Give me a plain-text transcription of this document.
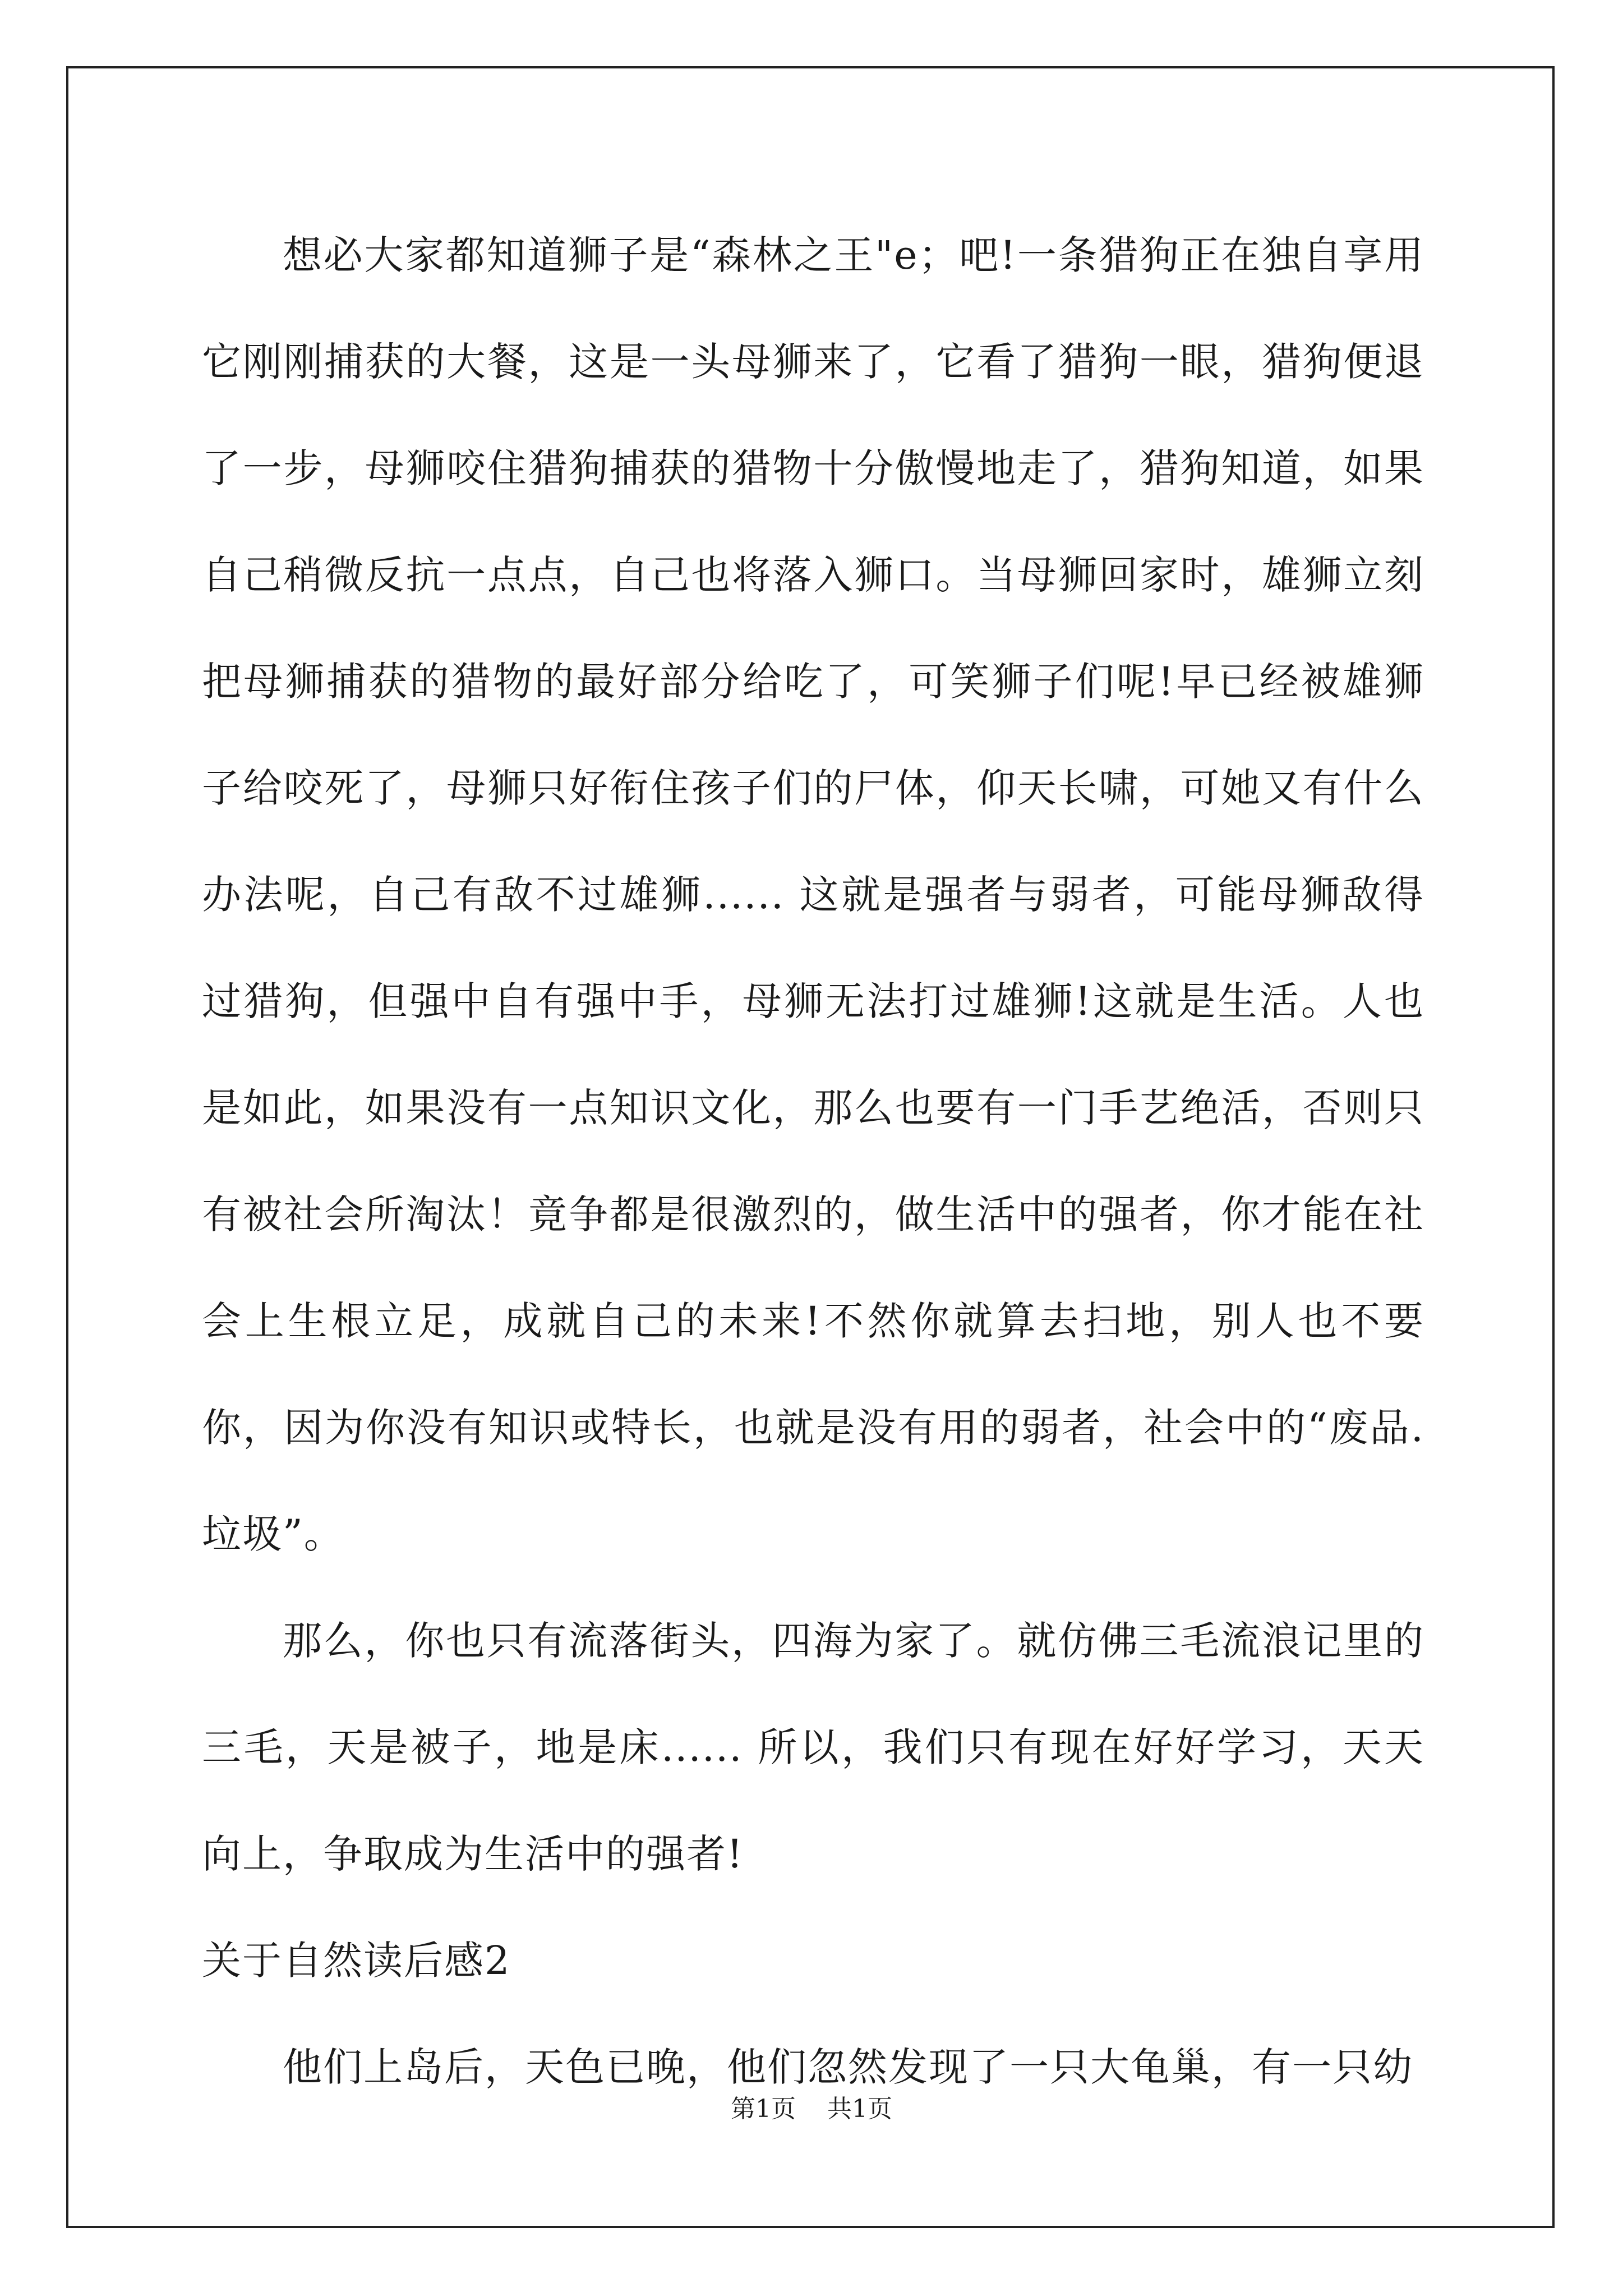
想必大家都知道狮子是“森林之王"e；吧!一条猎狗正在独自享用它刚刚捕获的大餐，这是一头母狮来了，它看了猎狗一眼，猎狗便退了一步，母狮咬住猎狗捕获的猎物十分傲慢地走了，猎狗知道，如果自己稍微反抗一点点，自己也将落入狮口。当母狮回家时，雄狮立刻把母狮捕获的猎物的最好部分给吃了，可笑狮子们呢!早已经被雄狮子给咬死了，母狮只好衔住孩子们的尸体，仰天长啸，可她又有什么办法呢，自己有敌不过雄狮...... 这就是强者与弱者，可能母狮敌得过猎狗，但强中自有强中手，母狮无法打过雄狮!这就是生活。人也是如此，如果没有一点知识文化，那么也要有一门手艺绝活，否则只有被社会所淘汰！竟争都是很激烈的，做生活中的强者，你才能在社会上生根立足，成就自己的未来!不然你就算去扫地，别人也不要你，因为你没有知识或特长，也就是没有用的弱者，社会中的“废品.垃圾”。

那么，你也只有流落街头，四海为家了。就仿佛三毛流浪记里的三毛，天是被子，地是床...... 所以，我们只有现在好好学习，天天向上，争取成为生活中的强者!

关于自然读后感2

他们上岛后，天色已晚，他们忽然发现了一只大龟巢，有一只幼

第1页    共1页
